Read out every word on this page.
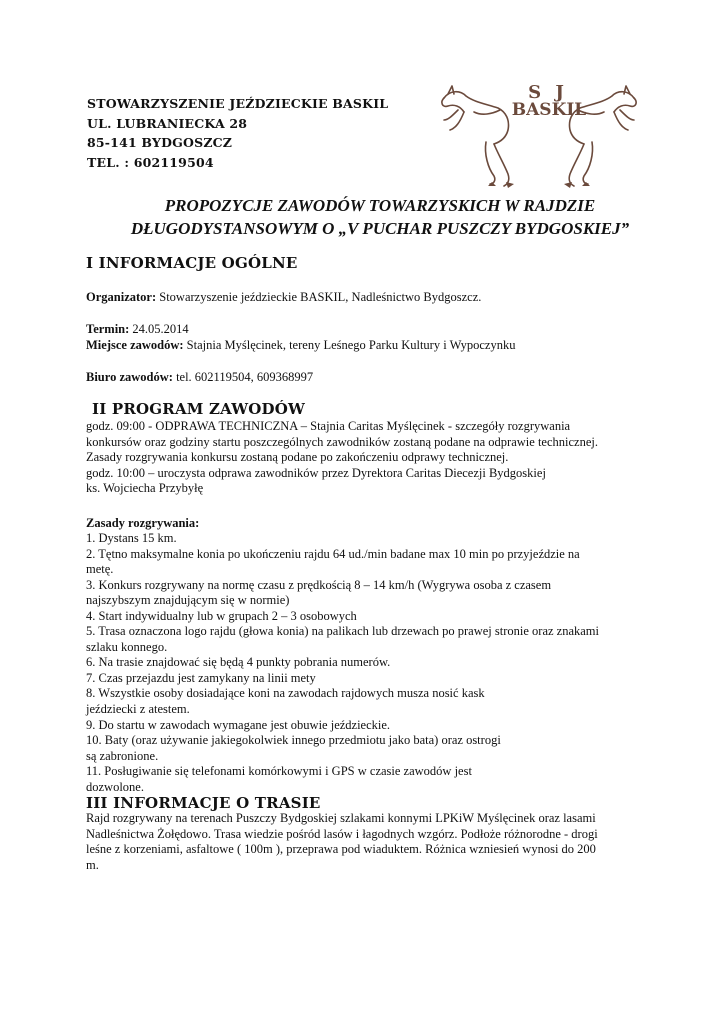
STOWARZYSZENIE JEŹDZIECKIE BASKIL
UL. LUBRANIECKA 28
85-141 BYDGOSZCZ
TEL. : 602119504
S J
BASKIL
PROPOZYCJE ZAWODÓW TOWARZYSKICH W RAJDZIE
DŁUGODYSTANSOWYM O „V PUCHAR PUSZCZY BYDGOSKIEJ”
I INFORMACJE OGÓLNE
Organizator: Stowarzyszenie jeździeckie BASKIL, Nadleśnictwo Bydgoszcz.
Termin: 24.05.2014
Miejsce zawodów: Stajnia Myślęcinek, tereny Leśnego Parku Kultury i Wypoczynku
Biuro zawodów: tel. 602119504, 609368997
II PROGRAM ZAWODÓW
godz. 09:00 - ODPRAWA TECHNICZNA – Stajnia Caritas Myślęcinek - szczegóły rozgrywania
konkursów oraz godziny startu poszczególnych zawodników zostaną podane na odprawie technicznej.
Zasady rozgrywania konkursu zostaną podane po zakończeniu odprawy technicznej.
godz. 10:00 – uroczysta odprawa zawodników przez Dyrektora Caritas Diecezji Bydgoskiej
ks. Wojciecha Przybyłę
Zasady rozgrywania:
1. Dystans 15 km.
2. Tętno maksymalne konia po ukończeniu rajdu 64 ud./min badane max 10 min po przyjeździe na
metę.
3. Konkurs rozgrywany na normę czasu z prędkością 8 – 14 km/h (Wygrywa osoba z czasem
najszybszym znajdującym się w normie)
4. Start indywidualny lub w grupach 2 – 3 osobowych
5. Trasa oznaczona logo rajdu (głowa konia) na palikach lub drzewach po prawej stronie oraz znakami
szlaku konnego.
6. Na trasie znajdować się będą 4 punkty pobrania numerów.
7. Czas przejazdu jest zamykany na linii mety
8. Wszystkie osoby dosiadające koni na zawodach rajdowych musza nosić kask
jeździecki z atestem.
9. Do startu w zawodach wymagane jest obuwie jeździeckie.
10. Baty (oraz używanie jakiegokolwiek innego przedmiotu jako bata) oraz ostrogi
są zabronione.
11. Posługiwanie się telefonami komórkowymi i GPS w czasie zawodów jest
dozwolone.
III INFORMACJE O TRASIE
Rajd rozgrywany na terenach Puszczy Bydgoskiej szlakami konnymi LPKiW Myślęcinek oraz lasami
Nadleśnictwa Żołędowo. Trasa wiedzie pośród lasów i łagodnych wzgórz. Podłoże różnorodne - drogi
leśne z korzeniami, asfaltowe ( 100m ), przeprawa pod wiaduktem. Różnica wzniesień wynosi do 200
m.
